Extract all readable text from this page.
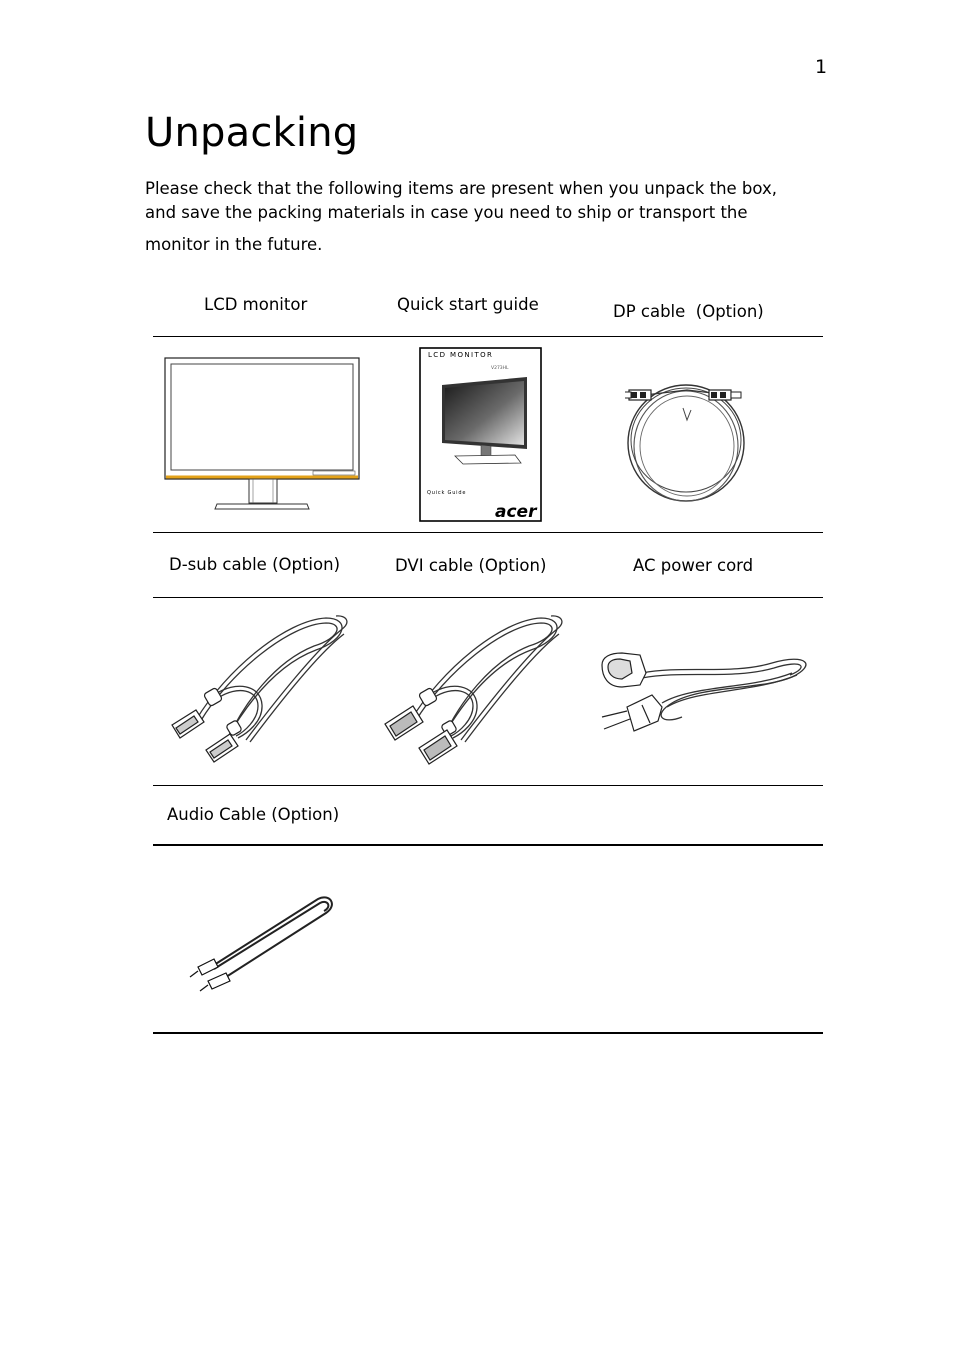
1
Unpacking
Please check that the following items are present when you unpack the box,
and save the packing materials in case you need to ship or transport the
monitor in the future.
LCD monitor	Quick start guide	DP cable  (Option)
LCD MONITOR
V273HL
Quick Guide
acer
D-sub cable (Option)	DVI cable (Option)	AC power cord
Audio Cable (Option)
